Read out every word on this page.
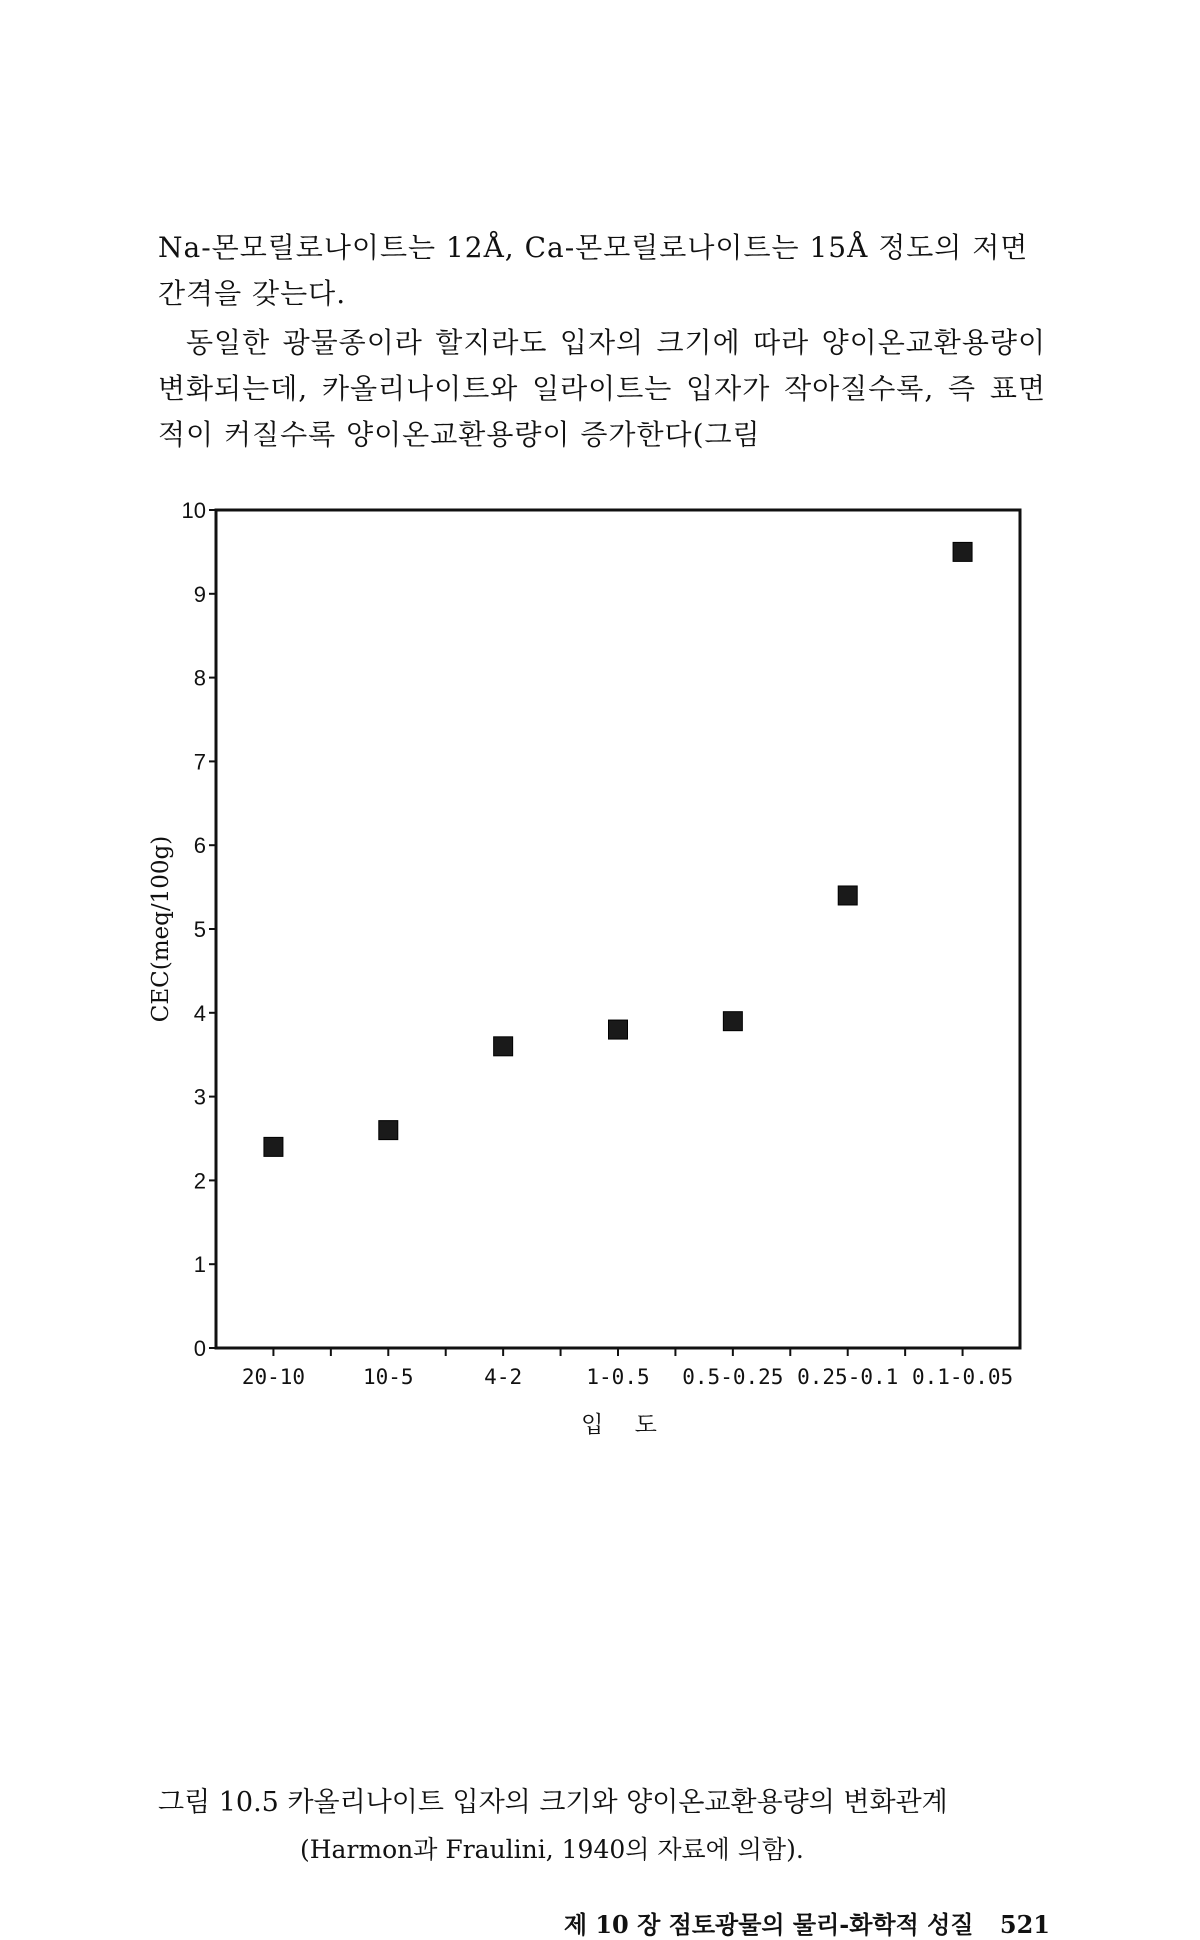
Na-몬모릴로나이트는 12Å, Ca-몬모릴로나이트는 15Å 정도의 저면간격을 갖는다.

동일한 광물종이라 할지라도 입자의 크기에 따라 양이온교환용량이 변화되는데, 카올리나이트와 일라이트는 입자가 작아질수록, 즉 표면적이 커질수록 양이온교환용량이 증가한다(그림

0
1
2
3
4
5
6
7
8
9
10
20-10	10-5	4-2	1-0.5 0.5-0.25 0.25-0.1 0.1-0.05
CEC(meq/100g)
입 도
그림 10.5 카올리나이트 입자의 크기와 양이온교환용량의 변화관계
(Harmon과 Fraulini, 1940의 자료에 의함).
제 10 장 점토광물의 물리-화학적 성질 521
